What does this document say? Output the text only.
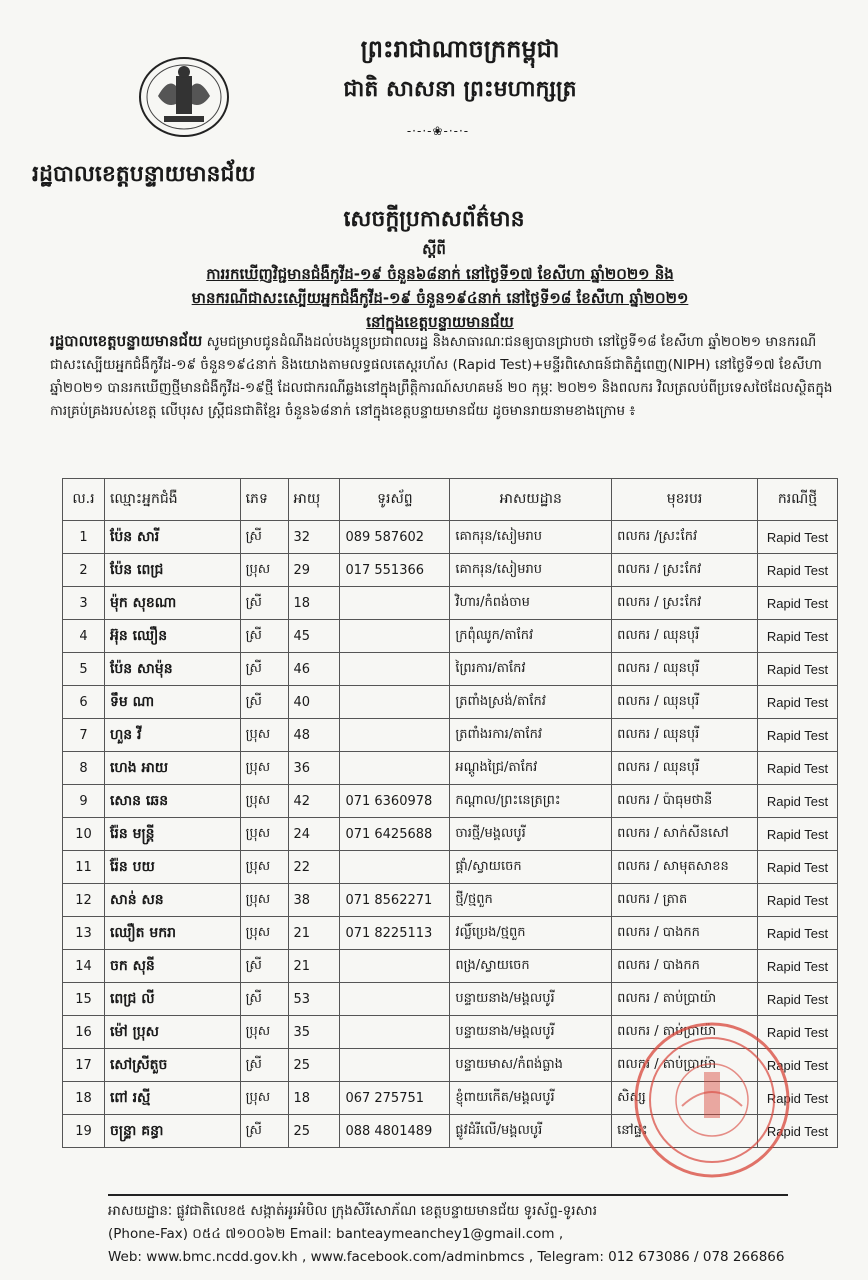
រដ្ឋបាលខេត្តបន្ទាយមានជ័យ
ព្រះរាជាណាចក្រកម្ពុជា
ជាតិ សាសនា ព្រះមហាក្សត្រ
-·-·-❀-·-·-
សេចក្ដីប្រកាសព័ត៌មាន
ស្ដីពី
ការរកឃើញវិជ្ជមានជំងឺកូវីដ-១៩ ចំនួន៦៨នាក់ នៅថ្ងៃទី១៧ ខែសីហា ឆ្នាំ២០២១ និង
មានករណីជាសះស្បើយអ្នកជំងឺកូវីដ-១៩ ចំនួន១៩៤នាក់ នៅថ្ងៃទី១៨ ខែសីហា ឆ្នាំ២០២១
នៅក្នុងខេត្តបន្ទាយមានជ័យ
រដ្ឋបាលខេត្តបន្ទាយមានជ័យ សូមជម្រាបជូនដំណឹងដល់បងប្អូនប្រជាពលរដ្ឋ និងសាធារណៈជនឲ្យបានជ្រាបថា នៅថ្ងៃទី១៨ ខែសីហា ឆ្នាំ២០២១ មានករណីជាសះស្បើយអ្នកជំងឺកូវីដ-១៩ ចំនួន១៩៤នាក់ និងយោងតាមលទ្ធផលតេស្តរហ័ស (Rapid Test)+មន្ទីរពិសោធន៍ជាតិភ្នំពេញ(NIPH) នៅថ្ងៃទី១៧ ខែសីហា ឆ្នាំ២០២១ បានរកឃើញថ្មីមានជំងឺកូវីដ-១៩ថ្មី ដែលជាករណីឆ្លងនៅក្នុងព្រឹត្តិការណ៍សហគមន៍ ២០ កុម្ភៈ ២០២១ និងពលករ វិលត្រលប់ពីប្រទេសថៃដែលស្ថិតក្នុងការគ្រប់គ្រងរបស់ខេត្ត លើបុរស ស្ត្រីជនជាតិខ្មែរ ចំនួន៦៨នាក់ នៅក្នុងខេត្តបន្ទាយមានជ័យ ដូចមានរាយនាមខាងក្រោម ៖
ល.រ	ឈ្មោះអ្នកជំងឺ	ភេទ	អាយុ	ទូរស័ព្ទ	អាសយដ្ឋាន	មុខរបរ	ករណីថ្មី
1	ប៉ែន សារី	ស្រី	32	089 587602	គោករុន/សៀមរាប	ពលករ /ស្រះកែវ	Rapid Test
2	ប៉ែន ពេជ្រ	ប្រុស	29	017 551366	គោករុន/សៀមរាប	ពលករ / ស្រះកែវ	Rapid Test
3	ម៉ុក សុខណា	ស្រី	18		វិហារ/កំពង់ចាម	ពលករ / ស្រះកែវ	Rapid Test
4	អ៊ុន ឈឿន	ស្រី	45		ក្រពុំឈូក/តាកែវ	ពលករ / ឈុនបុរី	Rapid Test
5	ប៉ែន សាម៉ុន	ស្រី	46		ព្រៃរការ/តាកែវ	ពលករ / ឈុនបុរី	Rapid Test
6	ទឹម ណា	ស្រី	40		ត្រពាំងស្រង់/តាកែវ	ពលករ / ឈុនបុរី	Rapid Test
7	ហួន វី	ប្រុស	48		ត្រពាំងរការ/តាកែវ	ពលករ / ឈុនបុរី	Rapid Test
8	ហេង អាយ	ប្រុស	36		អណ្តូងជ្រៃ/តាកែវ	ពលករ / ឈុនបុរី	Rapid Test
9	សោន ឆេន	ប្រុស	42	071 6360978	កណ្តាល/ព្រះនេត្រព្រះ	ពលករ / ប៉ាធុមថានី	Rapid Test
10	រ៉ែន មន្ត្រី	ប្រុស	24	071 6425688	ចារថ្មី/មង្គលបូរី	ពលករ / សាក់សីនសៅ	Rapid Test
11	រ៉ែន បយ	ប្រុស	22		ផ្គាំ/ស្វាយចេក	ពលករ / សាមុតសាខន	Rapid Test
12	សាន់ សន	ប្រុស	38	071 8562271	ថ្មី/ថ្មពួក	ពលករ / ត្រាត	Rapid Test
13	ឈឿត មករា	ប្រុស	21	071 8225113	វល្លិ៍ប្រេង/ថ្មពួក	ពលករ / បាងកក	Rapid Test
14	ចក សុនី	ស្រី	21		ពង្រ/ស្វាយចេក	ពលករ / បាងកក	Rapid Test
15	ពេជ្រ លី	ស្រី	53		បន្ទាយនាង/មង្គលបូរី	ពលករ / តាប់ប្រាយ៉ា	Rapid Test
16	ម៉ៅ ប្រុស	ប្រុស	35		បន្ទាយនាង/មង្គលបូរី	ពលករ / តាប់ប្រាយ៉ា	Rapid Test
17	សៅស្រីតួច	ស្រី	25		បន្ទាយមាស/កំពង់ធ្លាង	ពលករ / តាប់ប្រាយ៉ា	Rapid Test
18	ពៅ រស្មី	ប្រុស	18	067 275751	ខ្ញុំពាយកើត/មង្គលបូរី	សិស្ស	Rapid Test
19	ចន្ទ្រា គន្ធា	ស្រី	25	088 4801489	ផ្លូវដំរីលើ/មង្គលបូរី	នៅផ្ទះ	Rapid Test
អាសយដ្ឋានៈ ផ្លូវជាតិលេខ៥ សង្កាត់អូរអំបិល ក្រុងសិរីសោភ័ណ ខេត្តបន្ទាយមានជ័យ ទូរស័ព្ទ-ទូរសារ
(Phone-Fax) ០៥៤ ៧១០០៦២ Email: banteaymeanchey1@gmail.com ,
Web: www.bmc.ncdd.gov.kh , www.facebook.com/adminbmcs , Telegram: 012 673086 / 078 266866
